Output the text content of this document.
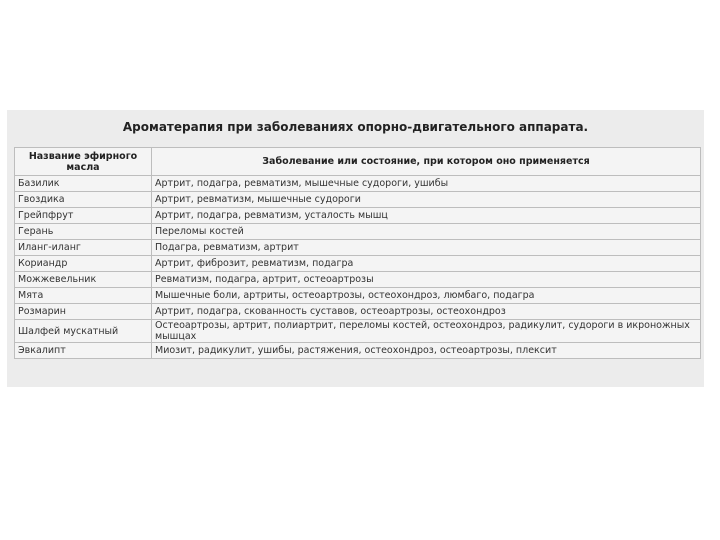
Ароматерапия при заболеваниях опорно-двигательного аппарата.
Название эфирного масла	Заболевание или состояние, при котором оно применяется
Базилик	Артрит, подагра, ревматизм, мышечные судороги, ушибы
Гвоздика	Артрит, ревматизм, мышечные судороги
Грейпфрут	Артрит, подагра, ревматизм, усталость мышц
Герань	Переломы костей
Иланг-иланг	Подагра, ревматизм, артрит
Кориандр	Артрит, фиброзит, ревматизм, подагра
Можжевельник	Ревматизм, подагра, артрит, остеоартрозы
Мята	Мышечные боли, артриты, остеоартрозы, остеохондроз, люмбаго, подагра
Розмарин	Артрит, подагра, скованность суставов, остеоартрозы, остеохондроз
Шалфей мускатный	Остеоартрозы, артрит, полиартрит, переломы костей, остеохондроз, радикулит, судороги в икроножных мышцах
Эвкалипт	Миозит, радикулит, ушибы, растяжения, остеохондроз, остеоартрозы, плексит
